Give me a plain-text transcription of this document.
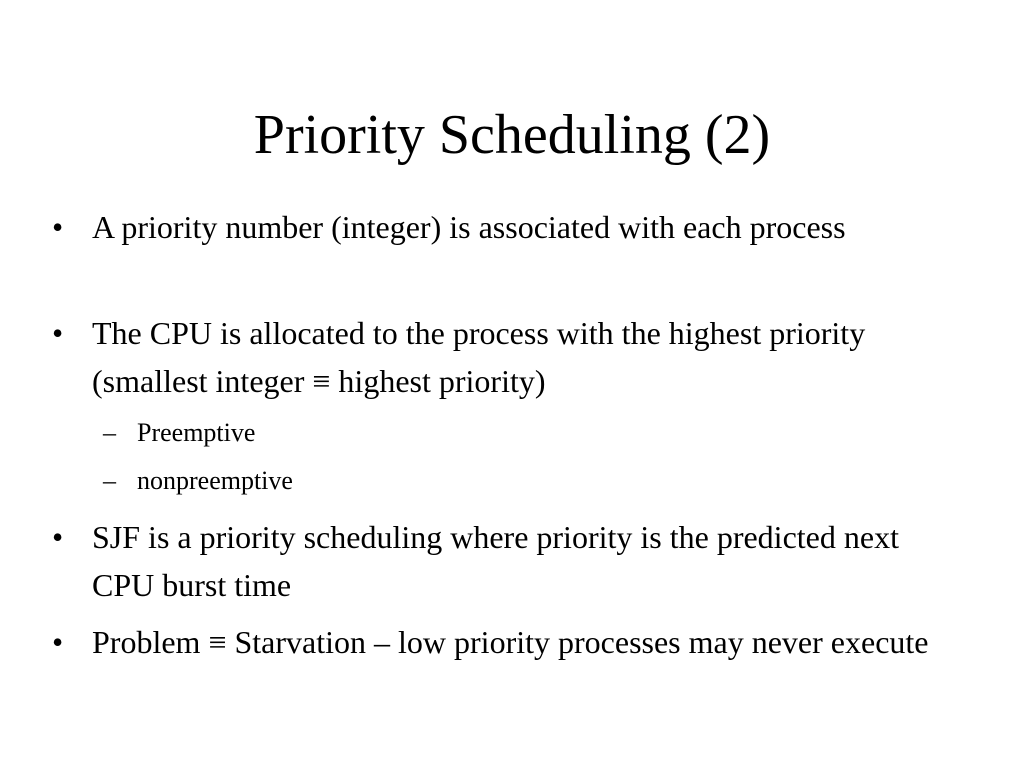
Priority Scheduling (2)
• A priority number (integer) is associated with each process

• The CPU is allocated to the process with the highest priority (smallest integer ≡ highest priority)

– Preemptive

– nonpreemptive

• SJF is a priority scheduling where priority is the predicted next CPU burst time

• Problem ≡ Starvation – low priority processes may never execute
